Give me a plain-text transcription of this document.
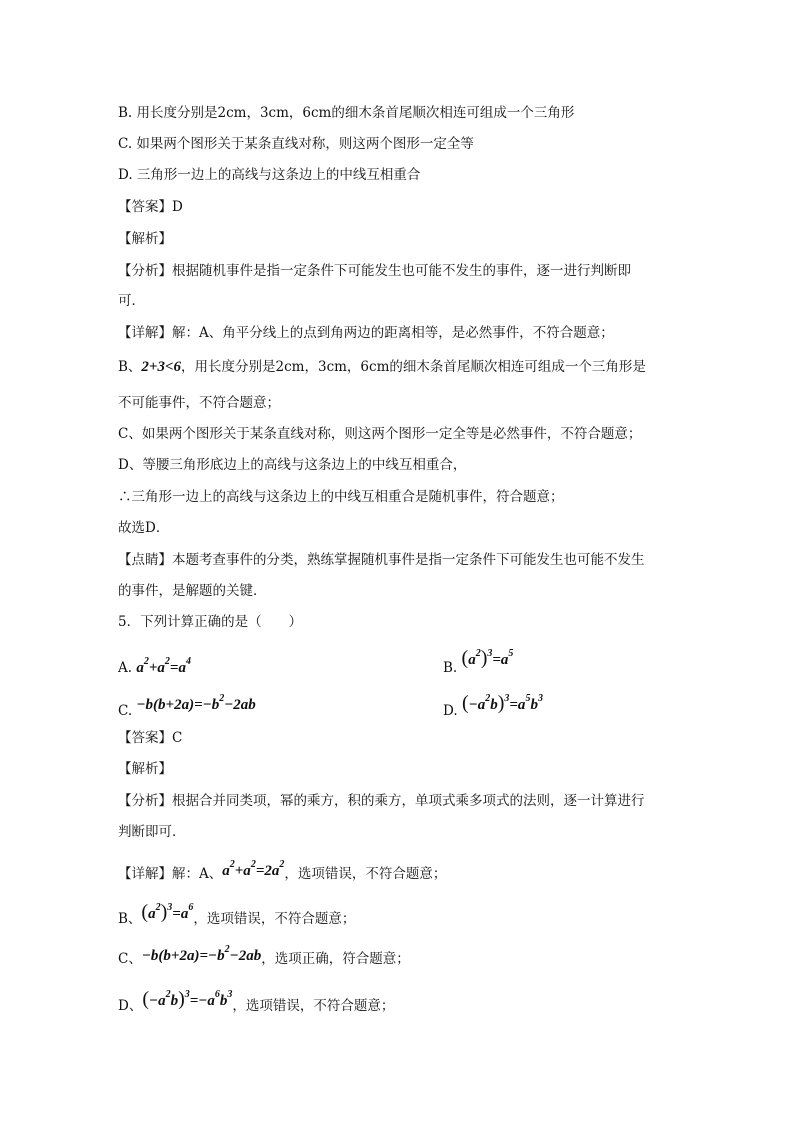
B. 用长度分别是2cm，3cm，6cm的细木条首尾顺次相连可组成一个三角形
C. 如果两个图形关于某条直线对称，则这两个图形一定全等
D. 三角形一边上的高线与这条边上的中线互相重合
【答案】D
【解析】
【分析】根据随机事件是指一定条件下可能发生也可能不发生的事件，逐一进行判断即
可．
【详解】解：A、角平分线上的点到角两边的距离相等，是必然事件，不符合题意；
B、2+3<6，用长度分别是2cm，3cm，6cm的细木条首尾顺次相连可组成一个三角形是
不可能事件，不符合题意；
C、如果两个图形关于某条直线对称，则这两个图形一定全等是必然事件，不符合题意；
D、等腰三角形底边上的高线与这条边上的中线互相重合，
∴三角形一边上的高线与这条边上的中线互相重合是随机事件，符合题意；
故选D．
【点睛】本题考查事件的分类，熟练掌握随机事件是指一定条件下可能发生也可能不发生
的事件，是解题的关键．
5．下列计算正确的是（　　）
A. $a^2+a^2=a^4$	B. $(a^2)^3=a^5$
C. $-b(b+2a)=-b^2-2ab$	D. $(-a^2b)^3=a^5b^3$
【答案】C
【解析】
【分析】根据合并同类项，幂的乘方，积的乘方，单项式乘多项式的法则，逐一计算进行
判断即可．
【详解】解：A、$a^2+a^2=2a^2$，选项错误，不符合题意；
B、$(a^2)^3=a^6$，选项错误，不符合题意；
C、$-b(b+2a)=-b^2-2ab$，选项正确，符合题意；
D、$(-a^2b)^3=-a^6b^3$，选项错误，不符合题意；
